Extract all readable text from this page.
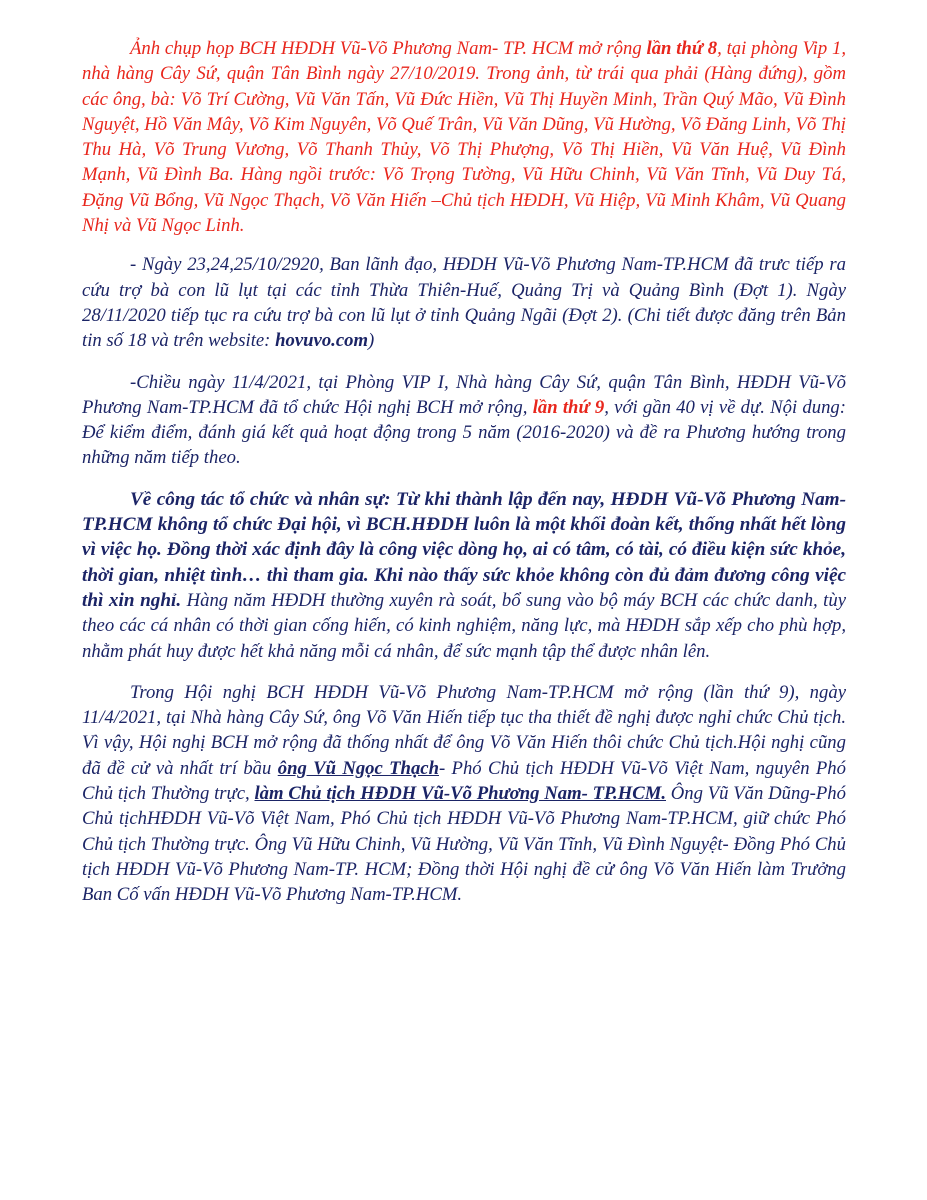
Ảnh chụp họp BCH HĐDH Vũ-Võ Phương Nam- TP. HCM mở rộng lần thứ 8, tại phòng Vip 1, nhà hàng Cây Sứ, quận Tân Bình ngày 27/10/2019. Trong ảnh, từ trái qua phải (Hàng đứng), gồm các ông, bà: Võ Trí Cường, Vũ Văn Tấn, Vũ Đức Hiền, Vũ Thị Huyền Minh, Trần Quý Mão, Vũ Đình Nguyệt, Hồ Văn Mây, Võ Kim Nguyên, Võ Quế Trân, Vũ Văn Dũng, Vũ Hường, Võ Đăng Linh, Võ Thị Thu Hà, Võ Trung Vương, Võ Thanh Thủy, Võ Thị Phượng, Võ Thị Hiền, Vũ Văn Huệ, Vũ Đình Mạnh, Vũ Đình Ba. Hàng ngồi trước: Võ Trọng Tường, Vũ Hữu Chinh, Vũ Văn Tĩnh, Vũ Duy Tá, Đặng Vũ Bổng, Vũ Ngọc Thạch, Võ Văn Hiến –Chủ tịch HĐDH, Vũ Hiệp, Vũ Minh Khâm, Vũ Quang Nhị và Vũ Ngọc Linh.

- Ngày 23,24,25/10/2920, Ban lãnh đạo, HĐDH Vũ-Võ Phương Nam-TP.HCM đã trưc tiếp ra cứu trợ bà con lũ lụt tại các tỉnh Thừa Thiên-Huế, Quảng Trị và Quảng Bình (Đợt 1). Ngày 28/11/2020 tiếp tục ra cứu trợ bà con lũ lụt ở tỉnh Quảng Ngãi (Đợt 2). (Chi tiết được đăng trên Bản tin số 18 và trên website: hovuvo.com)

-Chiều ngày 11/4/2021, tại Phòng VIP I, Nhà hàng Cây Sứ, quận Tân Bình, HĐDH Vũ-Võ Phương Nam-TP.HCM đã tổ chức Hội nghị BCH mở rộng, lần thứ 9, với gần 40 vị về dự. Nội dung: Để kiểm điểm, đánh giá kết quả hoạt động trong 5 năm (2016-2020) và đề ra Phương hướng trong những năm tiếp theo.

Về công tác tổ chức và nhân sự: Từ khi thành lập đến nay, HĐDH Vũ-Võ Phương Nam-TP.HCM không tổ chức Đại hội, vì BCH.HĐDH luôn là một khối đoàn kết, thống nhất hết lòng vì việc họ. Đồng thời xác định đây là công việc dòng họ, ai có tâm, có tài, có điều kiện sức khỏe, thời gian, nhiệt tình… thì tham gia. Khi nào thấy sức khỏe không còn đủ đảm đương công việc thì xin nghỉ. Hàng năm HĐDH thường xuyên rà soát, bổ sung vào bộ máy BCH các chức danh, tùy theo các cá nhân có thời gian cống hiến, có kinh nghiệm, năng lực, mà HĐDH sắp xếp cho phù hợp, nhằm phát huy được hết khả năng mỗi cá nhân, để sức mạnh tập thể được nhân lên.

Trong Hội nghị BCH HĐDH Vũ-Võ Phương Nam-TP.HCM mở rộng (lần thứ 9), ngày 11/4/2021, tại Nhà hàng Cây Sứ, ông Võ Văn Hiến tiếp tục tha thiết đề nghị được nghỉ chức Chủ tịch. Vì vậy, Hội nghị BCH mở rộng đã thống nhất để ông Võ Văn Hiến thôi chức Chủ tịch.Hội nghị cũng đã đề cử và nhất trí bầu ông Vũ Ngọc Thạch- Phó Chủ tịch HĐDH Vũ-Võ Việt Nam, nguyên Phó Chủ tịch Thường trực, làm Chủ tịch HĐDH Vũ-Võ Phương Nam- TP.HCM. Ông Vũ Văn Dũng-Phó Chủ tịchHĐDH Vũ-Võ Việt Nam, Phó Chủ tịch HĐDH Vũ-Võ Phương Nam-TP.HCM, giữ chức Phó Chủ tịch Thường trực. Ông Vũ Hữu Chinh, Vũ Hường, Vũ Văn Tĩnh, Vũ Đình Nguyệt- Đồng Phó Chủ tịch HĐDH Vũ-Võ Phương Nam-TP. HCM; Đồng thời Hội nghị đề cử ông Võ Văn Hiến làm Trưởng Ban Cố vấn HĐDH Vũ-Võ Phương Nam-TP.HCM.
